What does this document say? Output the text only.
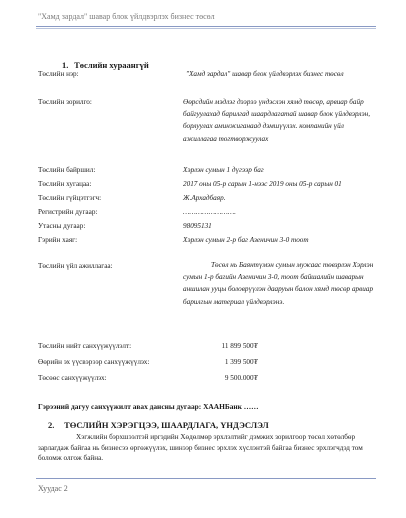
"Хамд зардал" шавар блок үйлдвэрлэх бизнес төсөл
1. Төслийн хураангүй
Төслийн нэр:	"Хамд зардал" шавар блок үйлдвэрлэх бизнес төсөл
Төслийн зорилго:	Өөрсдийн мэдлэг дээрээ үндэслэн хямд төсөр, арвиар байр байгуулахад барилгад шаардлагатай шавар блок үйлдвэрлэн, борлуулах аминжиганаад дэмшүүлэх. компанийн үйл ажиллагаа тогтворжуулах
Төслийн байршил:	Хэрлэн сумын 1 дүгээр баг
Төслийн хугацаа:	2017 оны 05-р сарын 1-нээс 2019 оны 05-р сарын 01
Төслийн гүйцэтгэгч:	Ж.Архадбаяр.
Регистрийн дугаар:	…………………….
Утасны дугаар:	98095131
Гэрийн хаяг:	Хэрлэн сумын 2-р баг Азеничин 3-0 тоот
Төслийн үйл ажиллагаа:	Төсөл нь Баянтүмэн сумын мужаас төвзрлэн Хэрлэн сумын 1-р багийн Азеничин 3-0, тоот байшалийн шаварын аншилан ууцы боловрүүлэн дааруын балон хямд төсөр арвиар барилгын материал үйлдвэрлэнэ.
Төслийн нийт санхүүжүүлэлт:	11 899 500₮
Өөрийн эх үүсвэрээр санхүүжүүлэх:	1 399 500₮
Төсөөс санхүүжүүлэх:	9 500.000₮
Гэрээний дагуу санхүүжилт авах дансны дугаар: ХААНБанк ……
2. ТӨСЛИЙН ХЭРЭГЦЭЭ, ШААРДЛАГА, ҮНДЭСЛЭЛ
Хэгжлийн бэрхшээлтэй иргэдийн Хөдөлмөр эрхлэлтийг дэмжих зорилгоор төсөл хөтөлбөр зарлагдаж байгаа нь бизнесээ өргөжүүлэх, шинээр бизнес эрхлэх хүслэнтэй байгаа бизнес эрхлэгчдэд том боломж олгож байна.
Хуудас 2
